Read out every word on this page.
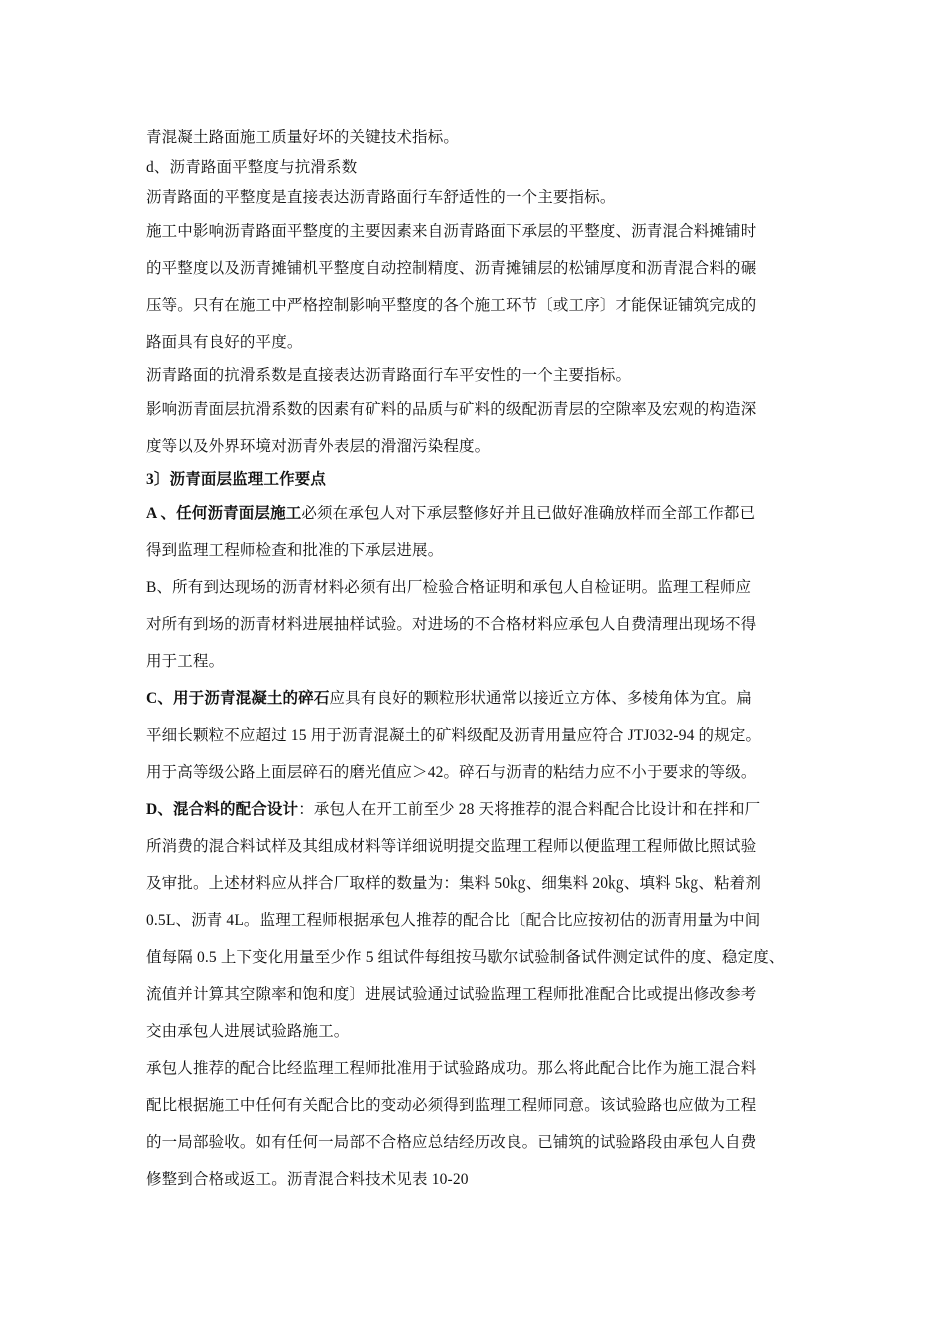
青混凝土路面施工质量好坏的关键技术指标。
d、沥青路面平整度与抗滑系数
沥青路面的平整度是直接表达沥青路面行车舒适性的一个主要指标。
施工中影响沥青路面平整度的主要因素来自沥青路面下承层的平整度、沥青混合料摊铺时
的平整度以及沥青摊铺机平整度自动控制精度、沥青摊铺层的松铺厚度和沥青混合料的碾
压等。只有在施工中严格控制影响平整度的各个施工环节〔或工序〕才能保证铺筑完成的
路面具有良好的平度。
沥青路面的抗滑系数是直接表达沥青路面行车平安性的一个主要指标。
影响沥青面层抗滑系数的因素有矿料的品质与矿料的级配沥青层的空隙率及宏观的构造深
度等以及外界环境对沥青外表层的滑溜污染程度。
3〕沥青面层监理工作要点
A 、任何沥青面层施工必须在承包人对下承层整修好并且已做好准确放样而全部工作都已
得到监理工程师检查和批准的下承层进展。
B、所有到达现场的沥青材料必须有出厂检验合格证明和承包人自检证明。监理工程师应
对所有到场的沥青材料进展抽样试验。对进场的不合格材料应承包人自费清理出现场不得
用于工程。
C、用于沥青混凝土的碎石应具有良好的颗粒形状通常以接近立方体、多棱角体为宜。扁
平细长颗粒不应超过 15 用于沥青混凝土的矿料级配及沥青用量应符合 JTJ032-94 的规定。
用于高等级公路上面层碎石的磨光值应＞42。碎石与沥青的粘结力应不小于要求的等级。
D、混合料的配合设计：承包人在开工前至少 28 天将推荐的混合料配合比设计和在拌和厂
所消费的混合料试样及其组成材料等详细说明提交监理工程师以便监理工程师做比照试验
及审批。上述材料应从拌合厂取样的数量为：集料 50㎏、细集料 20㎏、填料 5㎏、粘着剂
0.5L、沥青 4L。监理工程师根据承包人推荐的配合比〔配合比应按初估的沥青用量为中间
值每隔 0.5 上下变化用量至少作 5 组试件每组按马歇尔试验制备试件测定试件的度、稳定度、
流值并计算其空隙率和饱和度〕进展试验通过试验监理工程师批准配合比或提出修改参考
交由承包人进展试验路施工。
承包人推荐的配合比经监理工程师批准用于试验路成功。那么将此配合比作为施工混合料
配比根据施工中任何有关配合比的变动必须得到监理工程师同意。该试验路也应做为工程
的一局部验收。如有任何一局部不合格应总结经历改良。已铺筑的试验路段由承包人自费
修整到合格或返工。沥青混合料技术见表 10-20
